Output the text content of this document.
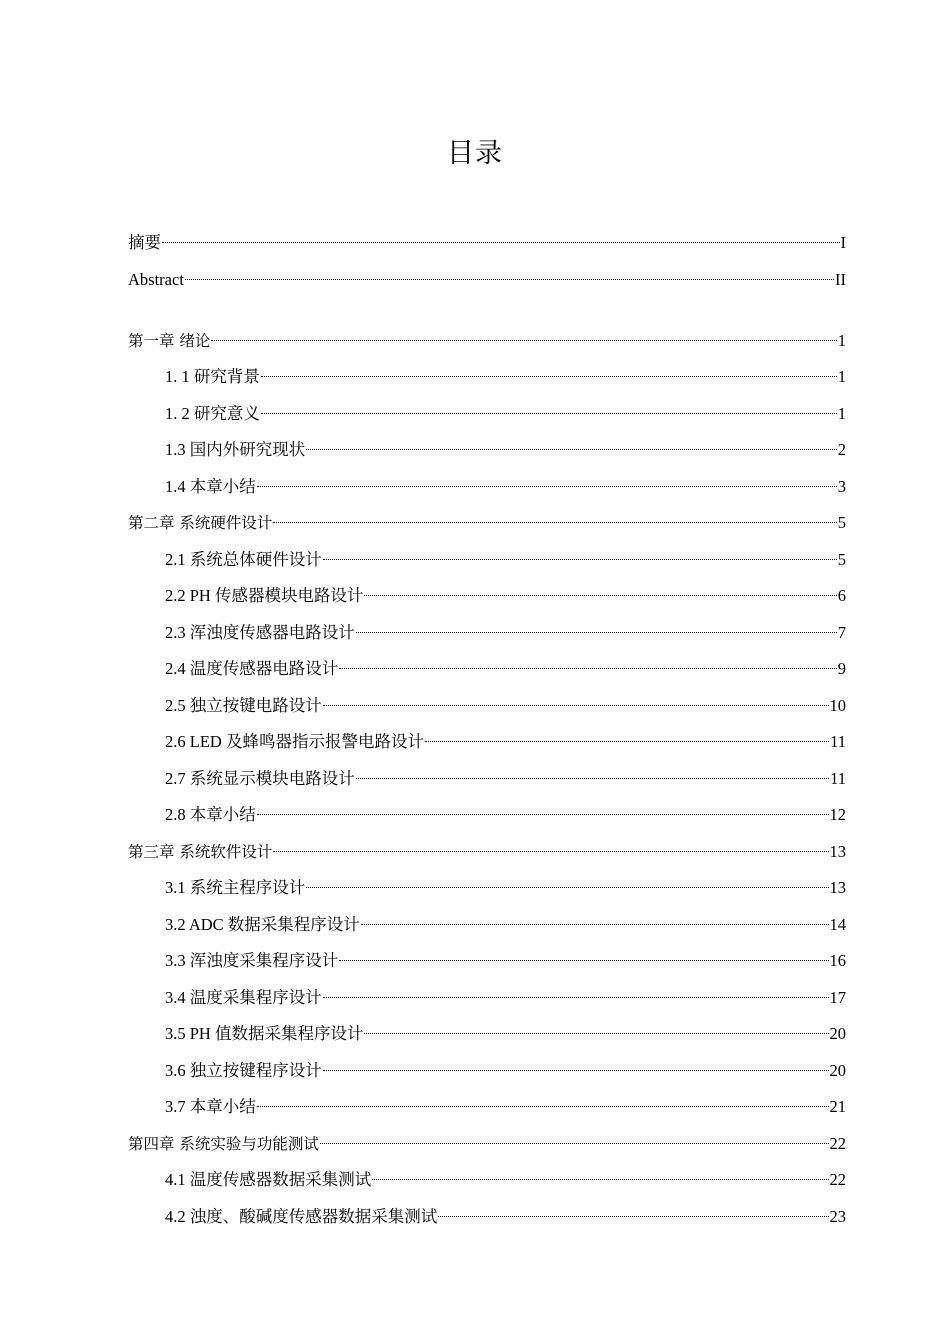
目录
摘要	I
Abstract	II
第一章 绪论	1
1. 1 研究背景	1
1. 2 研究意义	1
1.3 国内外研究现状	2
1.4 本章小结	3
第二章 系统硬件设计	5
2.1 系统总体硬件设计	5
2.2 PH 传感器模块电路设计	6
2.3 浑浊度传感器电路设计	7
2.4 温度传感器电路设计	9
2.5 独立按键电路设计	10
2.6 LED 及蜂鸣器指示报警电路设计	11
2.7 系统显示模块电路设计	11
2.8 本章小结	12
第三章 系统软件设计	13
3.1 系统主程序设计	13
3.2 ADC 数据采集程序设计	14
3.3 浑浊度采集程序设计	16
3.4 温度采集程序设计	17
3.5 PH 值数据采集程序设计	20
3.6 独立按键程序设计	20
3.7 本章小结	21
第四章 系统实验与功能测试	22
4.1 温度传感器数据采集测试	22
4.2 浊度、酸碱度传感器数据采集测试	23
